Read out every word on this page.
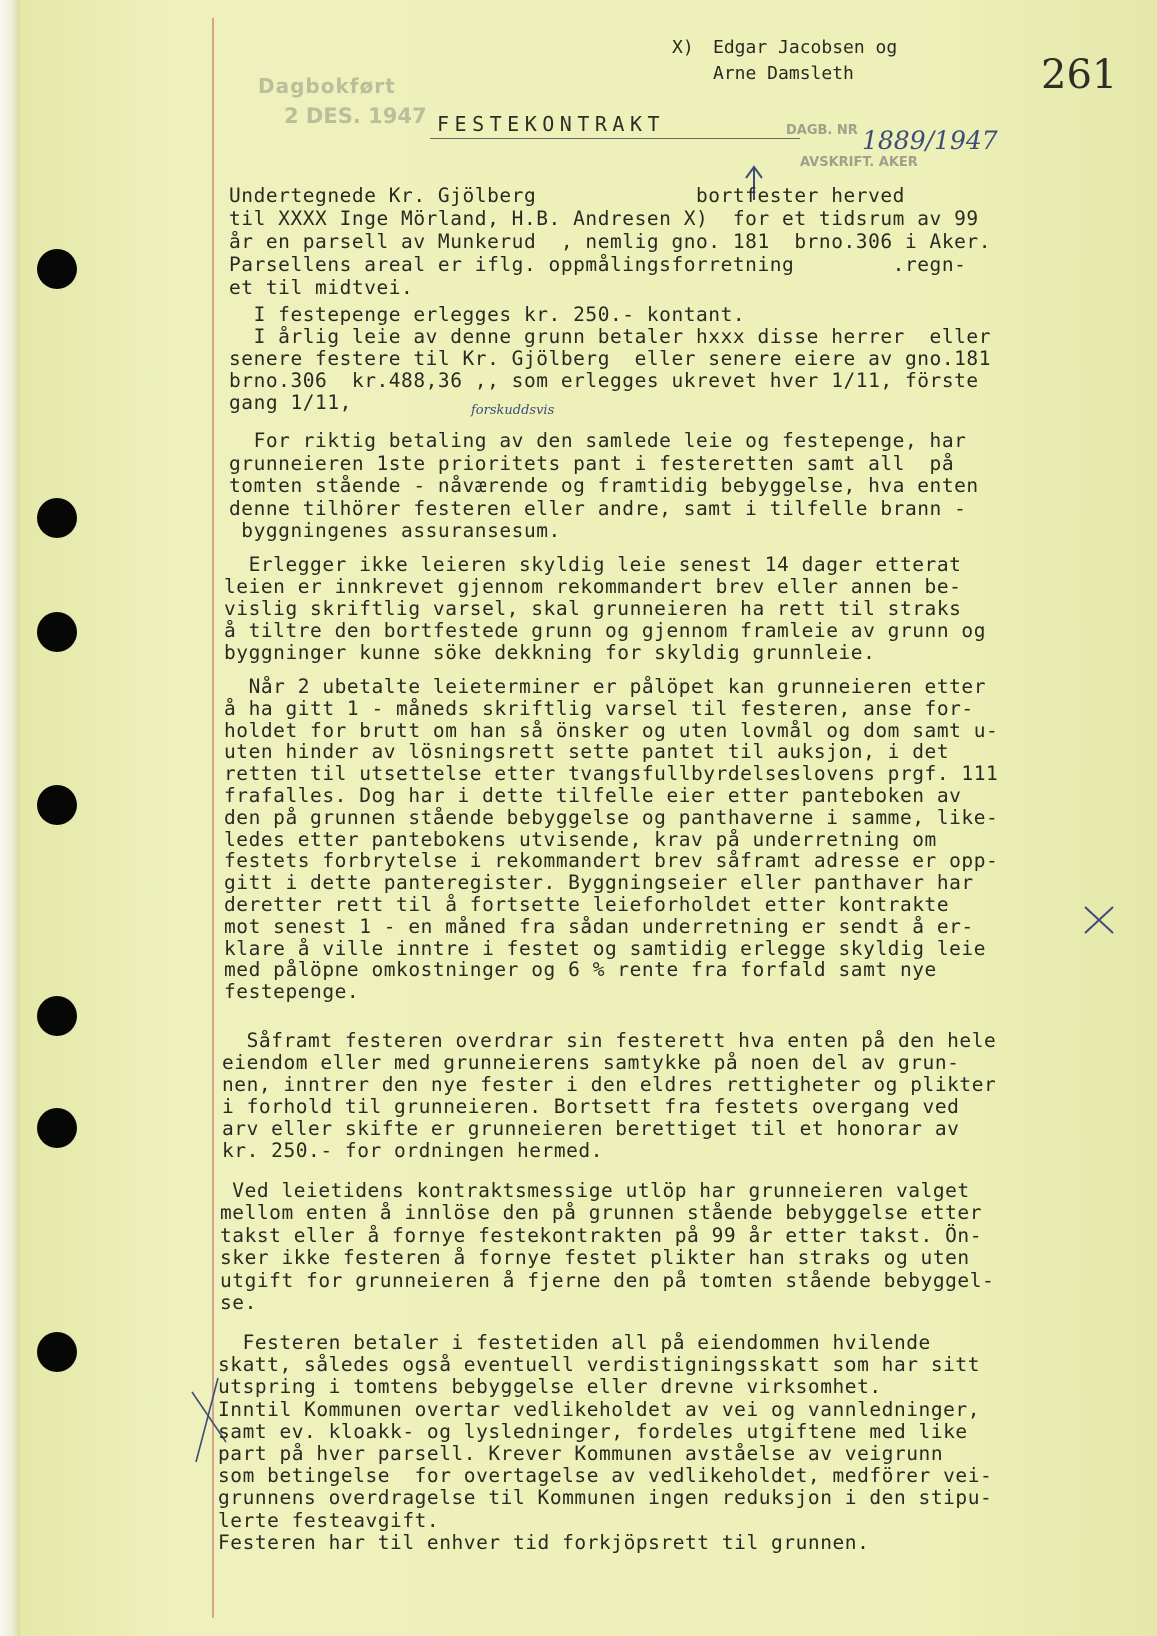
Dagbokført
2 DES. 1947
X) Edgar Jacobsen og
Arne Damsleth	261
FESTEKONTRAKT	DAGB. NR
AVSKRIFT. AKER
1889/1947
forskuddsvis
Undertegnede Kr. Gjölberg             bortfester herved
til XXXX Inge Mörland, H.B. Andresen X)  for et tidsrum av 99
år en parsell av Munkerud  , nemlig gno. 181  brno.306 i Aker.
Parsellens areal er iflg. oppmålingsforretning        .regn-
et til midtvei.
I festepenge erlegges kr. 250.- kontant.
I årlig leie av denne grunn betaler hxxx disse herrer  eller
senere festere til Kr. Gjölberg  eller senere eiere av gno.181
brno.306  kr.488,36 ,, som erlegges ukrevet hver 1/11, förste
gang 1/11,
For riktig betaling av den samlede leie og festepenge, har
grunneieren 1ste prioritets pant i festeretten samt all  på
tomten stående - nåværende og framtidig bebyggelse, hva enten
denne tilhörer festeren eller andre, samt i tilfelle brann -
byggningenes assuransesum.
Erlegger ikke leieren skyldig leie senest 14 dager etterat
leien er innkrevet gjennom rekommandert brev eller annen be-
vislig skriftlig varsel, skal grunneieren ha rett til straks
å tiltre den bortfestede grunn og gjennom framleie av grunn og
byggninger kunne söke dekkning for skyldig grunnleie.
Når 2 ubetalte leieterminer er pålöpet kan grunneieren etter
å ha gitt 1 - måneds skriftlig varsel til festeren, anse for-
holdet for brutt om han så önsker og uten lovmål og dom samt u-
uten hinder av lösningsrett sette pantet til auksjon, i det
retten til utsettelse etter tvangsfullbyrdelseslovens prgf. 111
frafalles. Dog har i dette tilfelle eier etter panteboken av
den på grunnen stående bebyggelse og panthaverne i samme, like-
ledes etter pantebokens utvisende, krav på underretning om
festets forbrytelse i rekommandert brev såframt adresse er opp-
gitt i dette panteregister. Byggningseier eller panthaver har
deretter rett til å fortsette leieforholdet etter kontrakte
mot senest 1 - en måned fra sådan underretning er sendt å er-
klare å ville inntre i festet og samtidig erlegge skyldig leie
med pålöpne omkostninger og 6 % rente fra forfald samt nye
festepenge.
Såframt festeren overdrar sin festerett hva enten på den hele
eiendom eller med grunneierens samtykke på noen del av grun-
nen, inntrer den nye fester i den eldres rettigheter og plikter
i forhold til grunneieren. Bortsett fra festets overgang ved
arv eller skifte er grunneieren berettiget til et honorar av
kr. 250.- for ordningen hermed.
Ved leietidens kontraktsmessige utlöp har grunneieren valget
mellom enten å innlöse den på grunnen stående bebyggelse etter
takst eller å fornye festekontrakten på 99 år etter takst. Ön-
sker ikke festeren å fornye festet plikter han straks og uten
utgift for grunneieren å fjerne den på tomten stående bebyggel-
se.
Festeren betaler i festetiden all på eiendommen hvilende
skatt, således også eventuell verdistigningsskatt som har sitt
utspring i tomtens bebyggelse eller drevne virksomhet.
Inntil Kommunen overtar vedlikeholdet av vei og vannledninger,
samt ev. kloakk- og lysledninger, fordeles utgiftene med like
part på hver parsell. Krever Kommunen avståelse av veigrunn
som betingelse  for overtagelse av vedlikeholdet, medförer vei-
grunnens overdragelse til Kommunen ingen reduksjon i den stipu-
lerte festeavgift.
Festeren har til enhver tid forkjöpsrett til grunnen.
